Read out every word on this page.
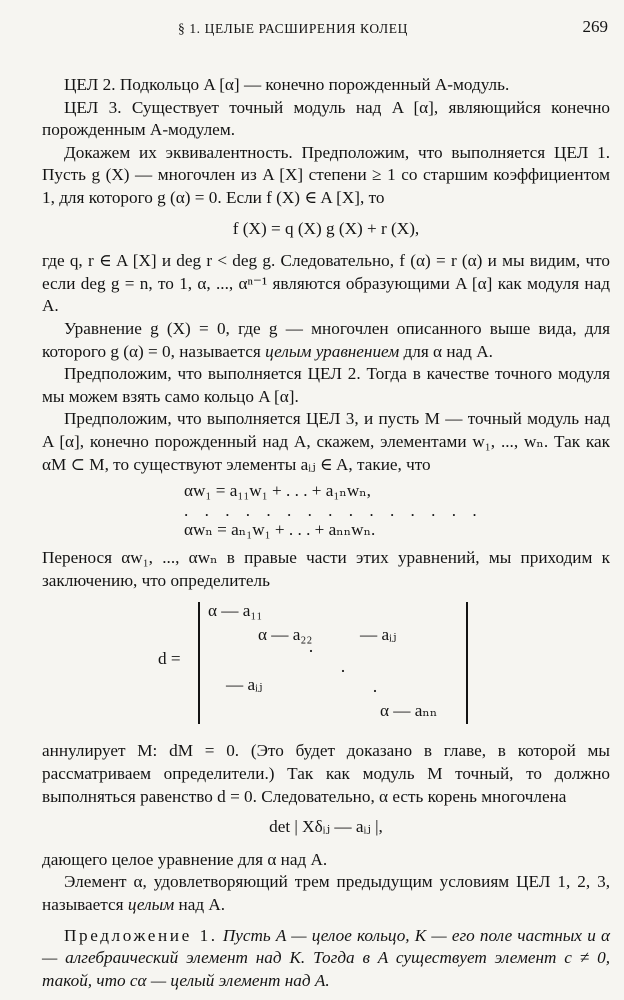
§ 1. ЦЕЛЫЕ РАСШИРЕНИЯ КОЛЕЦ	269

ЦЕЛ 2. Подкольцо A [α] — конечно порожденный A-модуль.

ЦЕЛ 3. Существует точный модуль над A [α], являющийся конечно порожденным A-модулем.

Докажем их эквивалентность. Предположим, что выполняется ЦЕЛ 1. Пусть g (X) — многочлен из A [X] степени ≥ 1 со старшим коэффициентом 1, для которого g (α) = 0. Если f (X) ∈ A [X], то

f (X) = q (X) g (X) + r (X),

где q, r ∈ A [X] и deg r < deg g. Следовательно, f (α) = r (α) и мы видим, что если deg g = n, то 1, α, ..., αⁿ⁻¹ являются образующими A [α] как модуля над A.

Уравнение g (X) = 0, где g — многочлен описанного выше вида, для которого g (α) = 0, называется целым уравнением для α над A.

Предположим, что выполняется ЦЕЛ 2. Тогда в качестве точного модуля мы можем взять само кольцо A [α].

Предположим, что выполняется ЦЕЛ 3, и пусть M — точный модуль над A [α], конечно порожденный над A, скажем, элементами w₁, ..., wₙ. Так как αM ⊂ M, то существуют элементы aᵢⱼ ∈ A, такие, что

αw₁ = a₁₁w₁ + . . . + a₁ₙwₙ,
. . . . . . . . . . . . . . .
αwₙ = aₙ₁w₁ + . . . + aₙₙwₙ.

Перенося αw₁, ..., αwₙ в правые части этих уравнений, мы приходим к заключению, что определитель

d =
α — a₁₁
α — a₂₂	— aᵢⱼ
·
·
— aᵢⱼ	·
α — aₙₙ

аннулирует M: dM = 0. (Это будет доказано в главе, в которой мы рассматриваем определители.) Так как модуль M точный, то должно выполняться равенство d = 0. Следовательно, α есть корень многочлена

det | Xδᵢⱼ — aᵢⱼ |,

дающего целое уравнение для α над A.

Элемент α, удовлетворяющий трем предыдущим условиям ЦЕЛ 1, 2, 3, называется целым над A.

Предложение 1. Пусть A — целое кольцо, K — его поле частных и α — алгебраический элемент над K. Тогда в A существует элемент c ≠ 0, такой, что cα — целый элемент над A.
